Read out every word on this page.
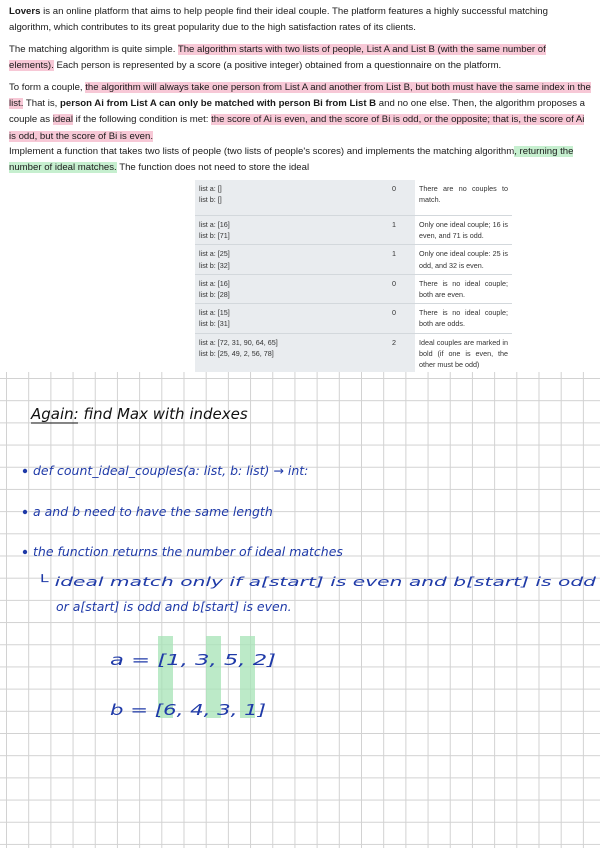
Lovers is an online platform that aims to help people find their ideal couple. The platform features a highly successful matching algorithm, which contributes to its great popularity due to the high satisfaction rates of its clients.

The matching algorithm is quite simple. The algorithm starts with two lists of people, List A and List B (with the same number of elements). Each person is represented by a score (a positive integer) obtained from a questionnaire on the platform.

To form a couple, the algorithm will always take one person from List A and another from List B, but both must have the same index in the list. That is, person Ai from List A can only be matched with person Bi from List B and no one else. Then, the algorithm proposes a couple as ideal if the following condition is met: the score of Ai is even, and the score of Bi is odd, or the opposite; that is, the score of Ai is odd, but the score of Bi is even.

Implement a function that takes two lists of people (two lists of people's scores) and implements the matching algorithm, returning the number of ideal matches. The function does not need to store the ideal

list a: []
list b: []	0	There are no couples to match.

list a: [16]
list b: [71]	1	Only one ideal couple; 16 is even, and 71 is odd.

list a: [25]
list b: [32]	1	Only one ideal couple: 25 is odd, and 32 is even.

list a: [16]
list b: [28]	0	There is no ideal couple; both are even.

list a: [15]
list b: [31]	0	There is no ideal couple; both are odds.

list a: [72, 31, 90, 64, 65]
list b: [25, 49, 2, 56, 78]	2	Ideal couples are marked in bold (if one is even, the other must be odd)
Again: find Max with indexes
def count_ideal_couples(a: list, b: list) → int:
a and b need to have the same length
the function returns the number of ideal matches
└ ideal match only if a[start] is even and b[start] is odd
or a[start] is odd and b[start] is even.
a = [1, 3, 5, 2]
b = [6, 4, 3, 1]
